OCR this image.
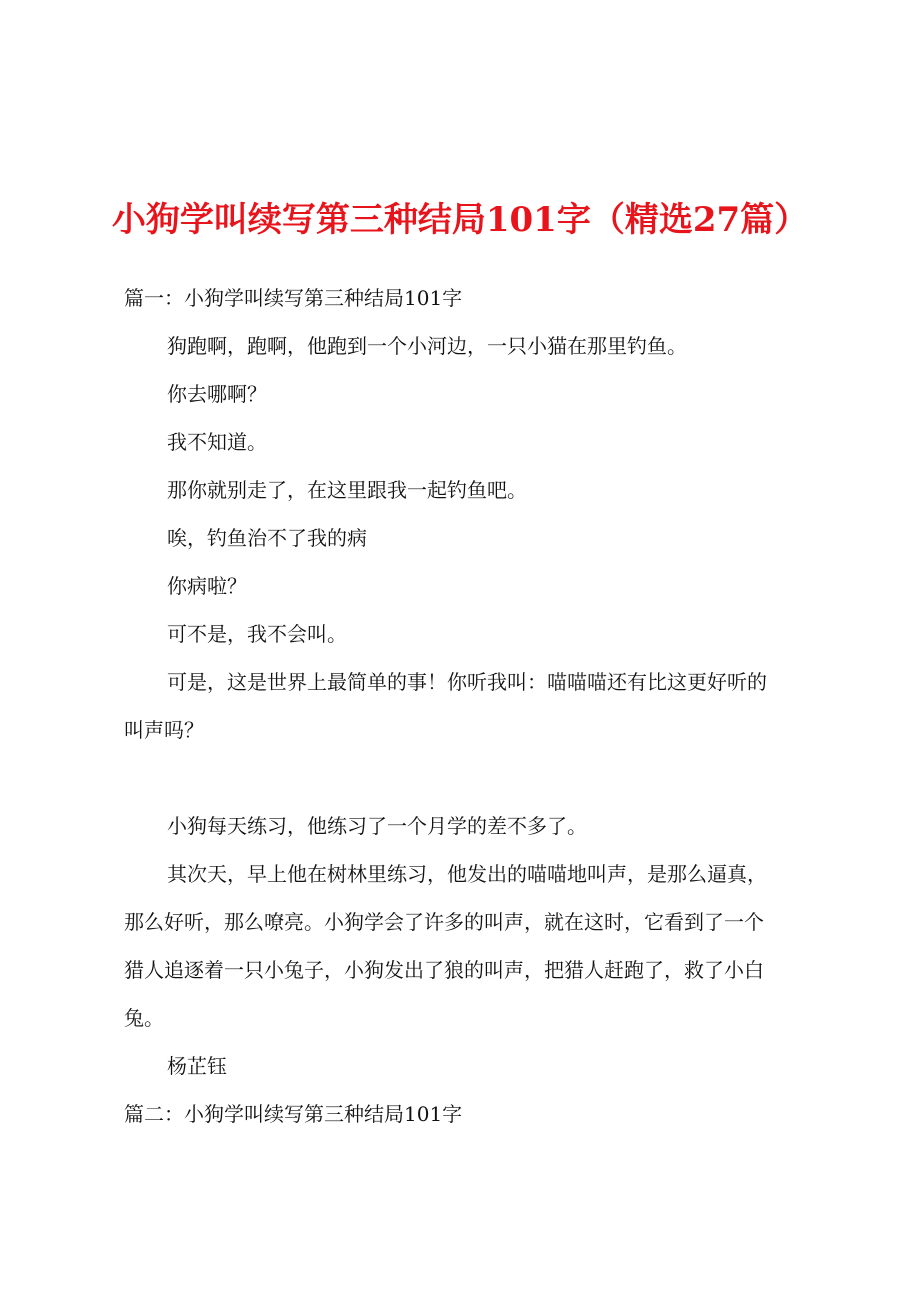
小狗学叫续写第三种结局101字（精选27篇）
篇一：小狗学叫续写第三种结局101字
狗跑啊，跑啊，他跑到一个小河边，一只小猫在那里钓鱼。
你去哪啊？
我不知道。
那你就别走了，在这里跟我一起钓鱼吧。
唉，钓鱼治不了我的病
你病啦？
可不是，我不会叫。
可是，这是世界上最简单的事！你听我叫：喵喵喵还有比这更好听的
叫声吗？
小狗每天练习，他练习了一个月学的差不多了。
其次天，早上他在树林里练习，他发出的喵喵地叫声，是那么逼真，
那么好听，那么嘹亮。小狗学会了许多的叫声，就在这时，它看到了一个
猎人追逐着一只小兔子，小狗发出了狼的叫声，把猎人赶跑了，救了小白
兔。
杨芷钰
篇二：小狗学叫续写第三种结局101字
